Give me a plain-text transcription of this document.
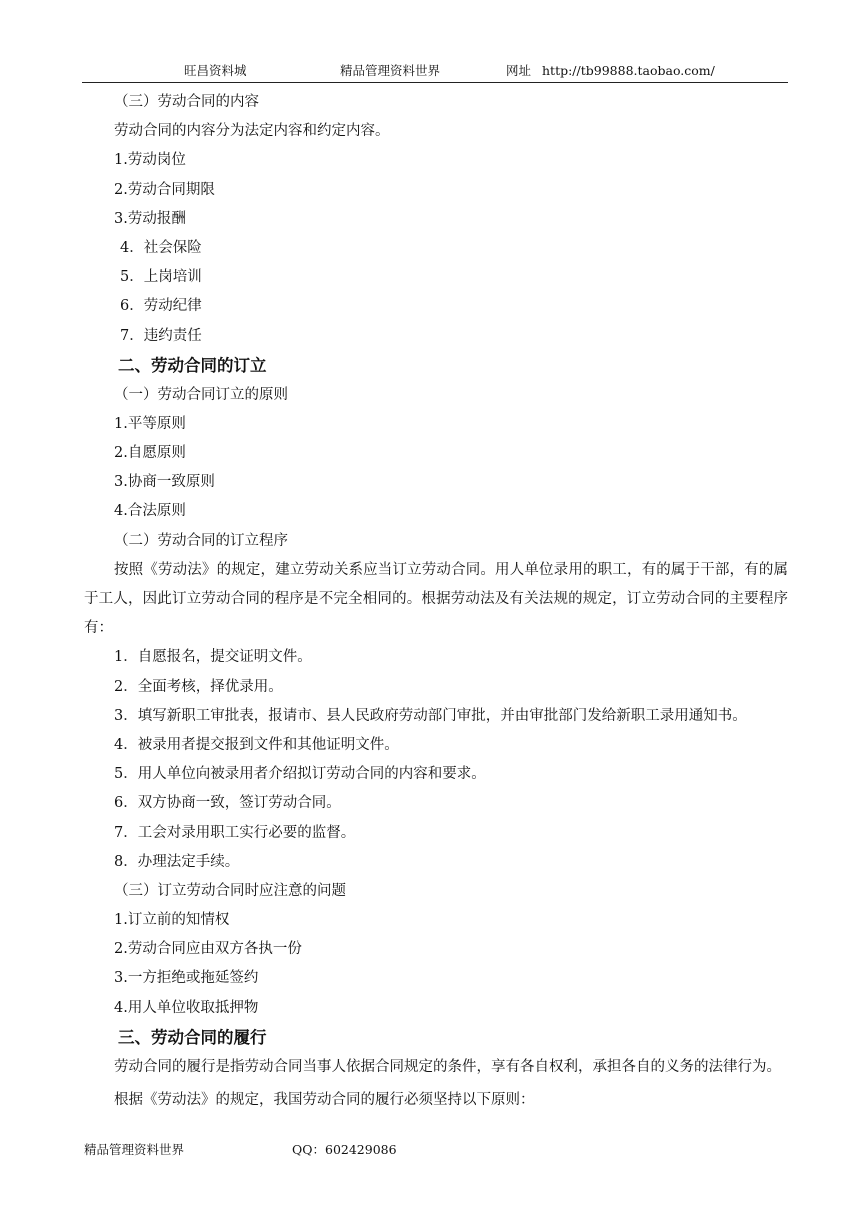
旺昌资料城	精品管理资料世界	网址 http://tb99888.taobao.com/
（三）劳动合同的内容
劳动合同的内容分为法定内容和约定内容。
1.劳动岗位
2.劳动合同期限
3.劳动报酬
4．社会保险
5．上岗培训
6．劳动纪律
7．违约责任
二、劳动合同的订立
（一）劳动合同订立的原则
1.平等原则
2.自愿原则
3.协商一致原则
4.合法原则
（二）劳动合同的订立程序
按照《劳动法》的规定，建立劳动关系应当订立劳动合同。用人单位录用的职工，有的属于干部，有的属于工人，因此订立劳动合同的程序是不完全相同的。根据劳动法及有关法规的规定，订立劳动合同的主要程序有：
1．自愿报名，提交证明文件。
2．全面考核，择优录用。
3．填写新职工审批表，报请市、县人民政府劳动部门审批，并由审批部门发给新职工录用通知书。
4．被录用者提交报到文件和其他证明文件。
5．用人单位向被录用者介绍拟订劳动合同的内容和要求。
6．双方协商一致，签订劳动合同。
7．工会对录用职工实行必要的监督。
8．办理法定手续。
（三）订立劳动合同时应注意的问题
1.订立前的知情权
2.劳动合同应由双方各执一份
3.一方拒绝或拖延签约
4.用人单位收取抵押物
三、劳动合同的履行
劳动合同的履行是指劳动合同当事人依据合同规定的条件，享有各自权利，承担各自的义务的法律行为。
根据《劳动法》的规定，我国劳动合同的履行必须坚持以下原则：
精品管理资料世界	QQ：602429086
